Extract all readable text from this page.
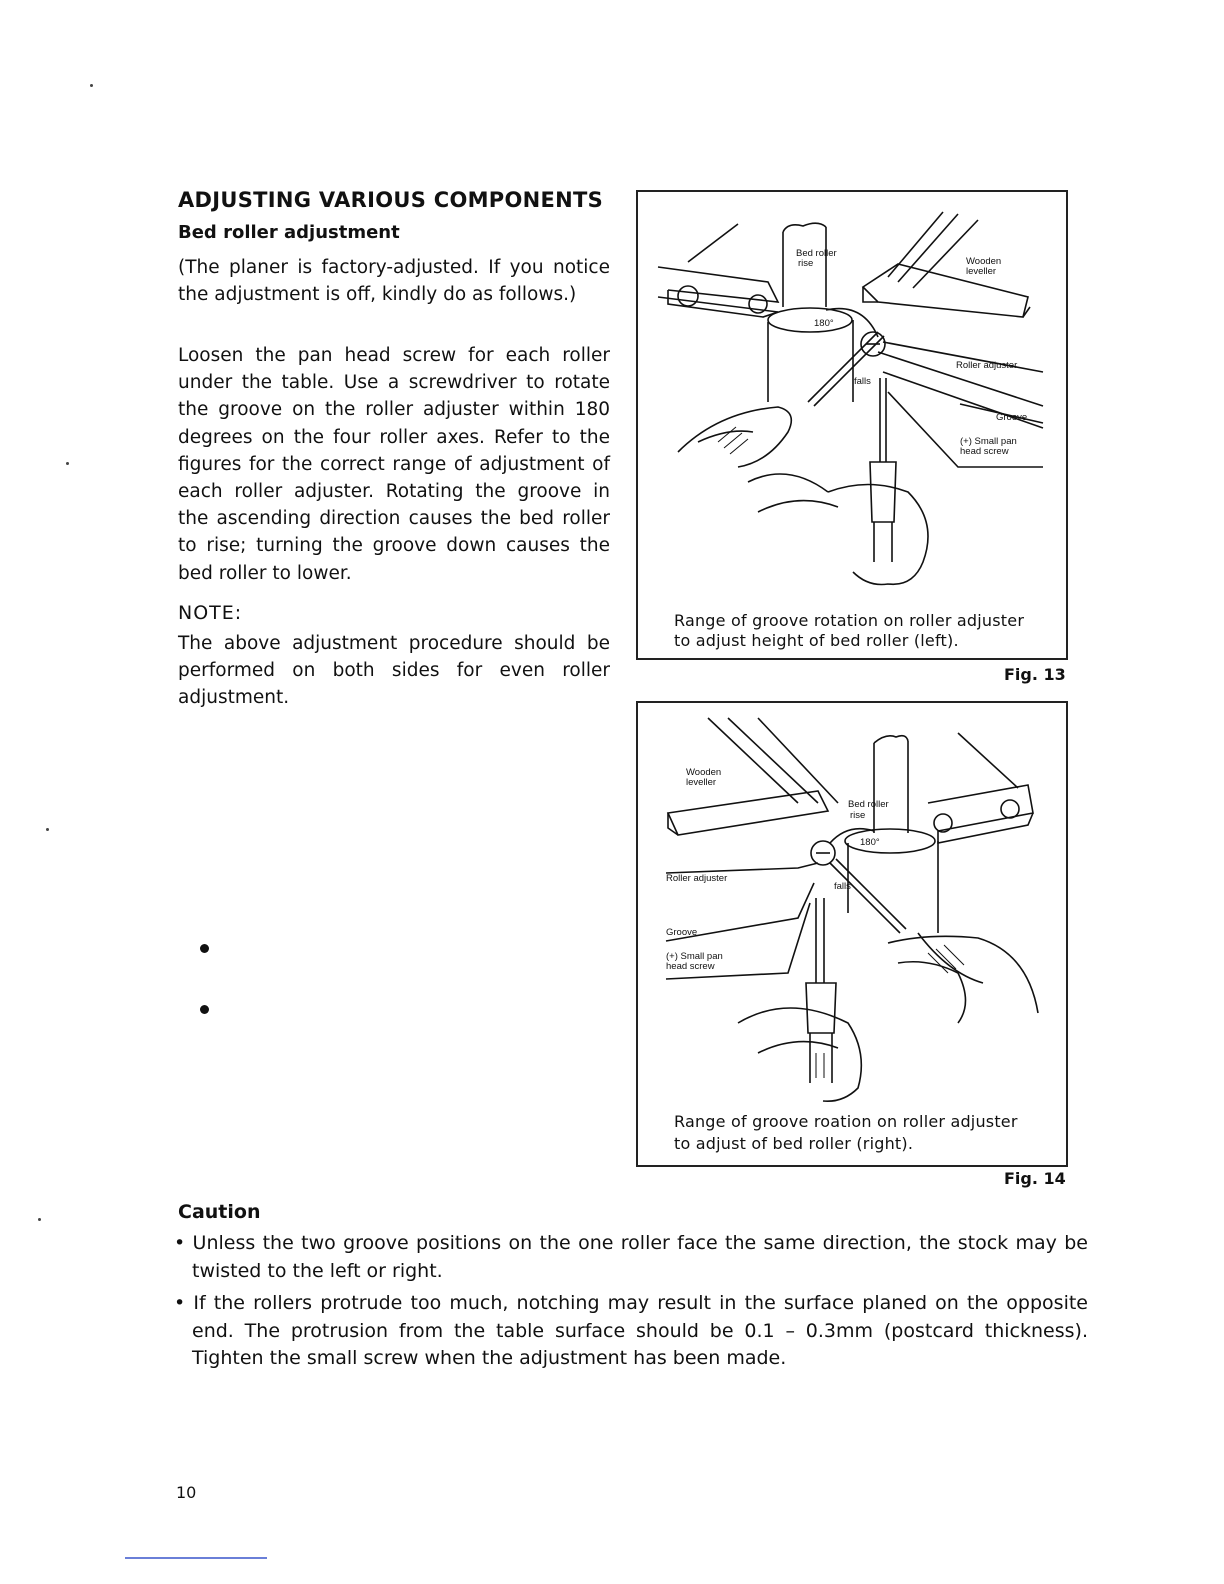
ADJUSTING VARIOUS COMPONENTS
Bed roller adjustment

(The planer is factory-adjusted. If you notice the adjustment is off, kindly do as follows.)

Loosen the pan head screw for each roller under the table. Use a screwdriver to rotate the groove on the roller adjuster within 180 degrees on the four roller axes. Refer to the figures for the correct range of adjustment of each roller adjuster. Rotating the groove in the ascending direction causes the bed roller to rise; turning the groove down causes the bed roller to lower.

NOTE:

The above adjustment procedure should be performed on both sides for even roller adjustment.

Bed roller
rise	Wooden
leveller
180°
falls
Roller adjuster
Groove
(+) Small pan
head screw
Range of groove rotation on roller adjuster
to adjust height of bed roller (left).
Fig. 13
Wooden
leveller
Bed roller
rise
180°
falls
Roller adjuster
Groove
(+) Small pan
head screw
Range of groove roation on roller adjuster
to adjust of bed roller (right).
Fig. 14
Caution

• Unless the two groove positions on the one roller face the same direction, the stock may be twisted to the left or right.

• If the rollers protrude too much, notching may result in the surface planed on the opposite end. The protrusion from the table surface should be 0.1 – 0.3mm (postcard thickness). Tighten the small screw when the adjustment has been made.

10
